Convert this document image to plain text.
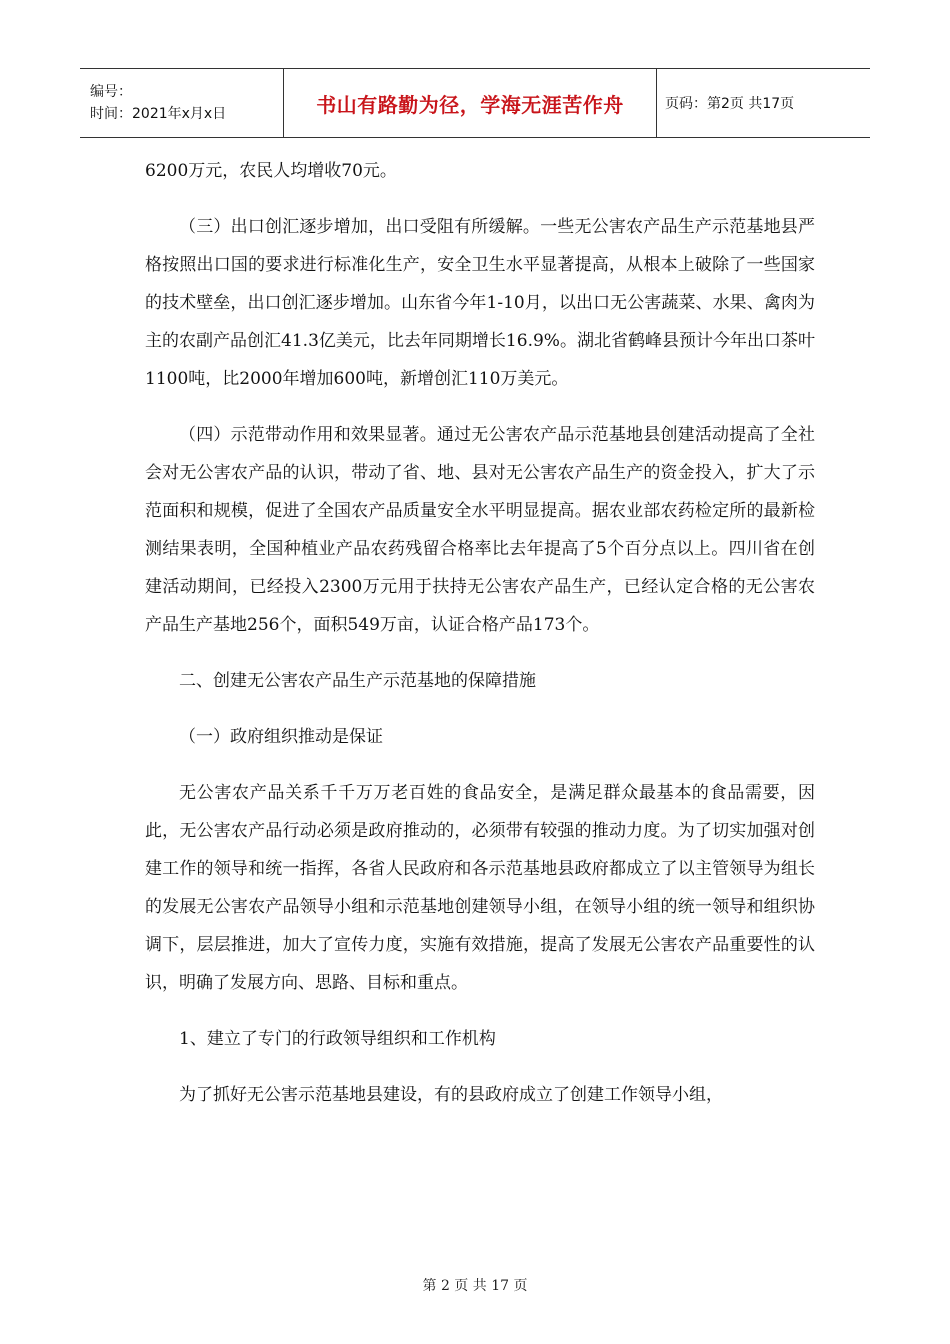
编号：
时间：2021年x月x日	书山有路勤为径，学海无涯苦作舟	页码：第2页 共17页

6200万元，农民人均增收70元。

（三）出口创汇逐步增加，出口受阻有所缓解。一些无公害农产品生产示范基地县严格按照出口国的要求进行标准化生产，安全卫生水平显著提高，从根本上破除了一些国家的技术壁垒，出口创汇逐步增加。山东省今年1-10月，以出口无公害蔬菜、水果、禽肉为主的农副产品创汇41.3亿美元，比去年同期增长16.9%。湖北省鹤峰县预计今年出口茶叶1100吨，比2000年增加600吨，新增创汇110万美元。

（四）示范带动作用和效果显著。通过无公害农产品示范基地县创建活动提高了全社会对无公害农产品的认识，带动了省、地、县对无公害农产品生产的资金投入，扩大了示范面积和规模，促进了全国农产品质量安全水平明显提高。据农业部农药检定所的最新检测结果表明，全国种植业产品农药残留合格率比去年提高了5个百分点以上。四川省在创建活动期间，已经投入2300万元用于扶持无公害农产品生产，已经认定合格的无公害农产品生产基地256个，面积549万亩，认证合格产品173个。

二、创建无公害农产品生产示范基地的保障措施

（一）政府组织推动是保证

无公害农产品关系千千万万老百姓的食品安全，是满足群众最基本的食品需要，因此，无公害农产品行动必须是政府推动的，必须带有较强的推动力度。为了切实加强对创建工作的领导和统一指挥，各省人民政府和各示范基地县政府都成立了以主管领导为组长的发展无公害农产品领导小组和示范基地创建领导小组，在领导小组的统一领导和组织协调下，层层推进，加大了宣传力度，实施有效措施，提高了发展无公害农产品重要性的认识，明确了发展方向、思路、目标和重点。

1、建立了专门的行政领导组织和工作机构

为了抓好无公害示范基地县建设，有的县政府成立了创建工作领导小组，

第 2 页 共 17 页
